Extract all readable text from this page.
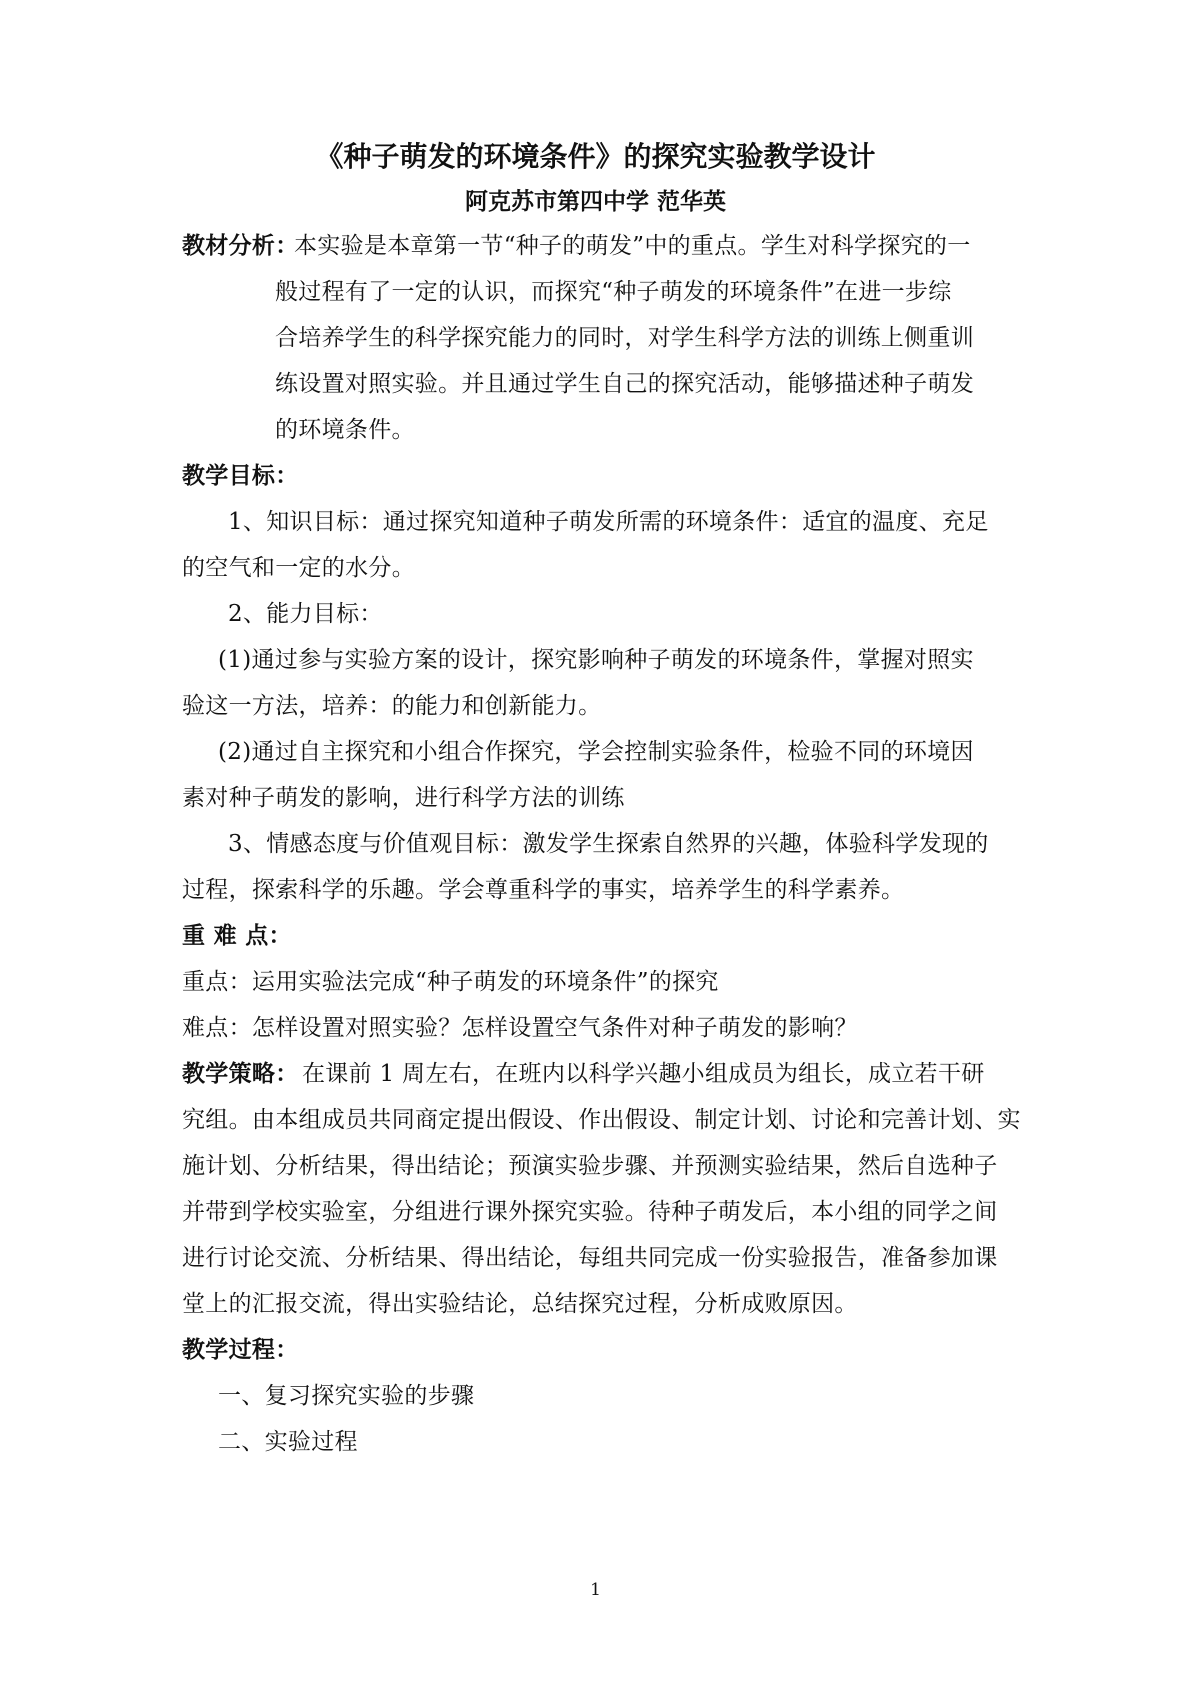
《种子萌发的环境条件》的探究实验教学设计
阿克苏市第四中学 范华英
教材分析：
本实验是本章第一节“种子的萌发”中的重点。学生对科学探究的一
般过程有了一定的认识，而探究“种子萌发的环境条件”在进一步综
合培养学生的科学探究能力的同时，对学生科学方法的训练上侧重训
练设置对照实验。并且通过学生自己的探究活动，能够描述种子萌发
的环境条件。
教学目标：
1、知识目标：通过探究知道种子萌发所需的环境条件：适宜的温度、充足
的空气和一定的水分。
2、能力目标：
(1)通过参与实验方案的设计，探究影响种子萌发的环境条件，掌握对照实
验这一方法，培养：的能力和创新能力。
(2)通过自主探究和小组合作探究，学会控制实验条件，检验不同的环境因
素对种子萌发的影响，进行科学方法的训练
3、情感态度与价值观目标：激发学生探索自然界的兴趣，体验科学发现的
过程，探索科学的乐趣。学会尊重科学的事实，培养学生的科学素养。
重 难 点：
重点：运用实验法完成“种子萌发的环境条件”的探究
难点：怎样设置对照实验？怎样设置空气条件对种子萌发的影响？
教学策略： 在课前 1 周左右，在班内以科学兴趣小组成员为组长，成立若干研
究组。由本组成员共同商定提出假设、作出假设、制定计划、讨论和完善计划、实
施计划、分析结果，得出结论；预演实验步骤、并预测实验结果，然后自选种子
并带到学校实验室，分组进行课外探究实验。待种子萌发后，本小组的同学之间
进行讨论交流、分析结果、得出结论，每组共同完成一份实验报告，准备参加课
堂上的汇报交流，得出实验结论，总结探究过程，分析成败原因。
教学过程：
一、复习探究实验的步骤
二、实验过程
1
